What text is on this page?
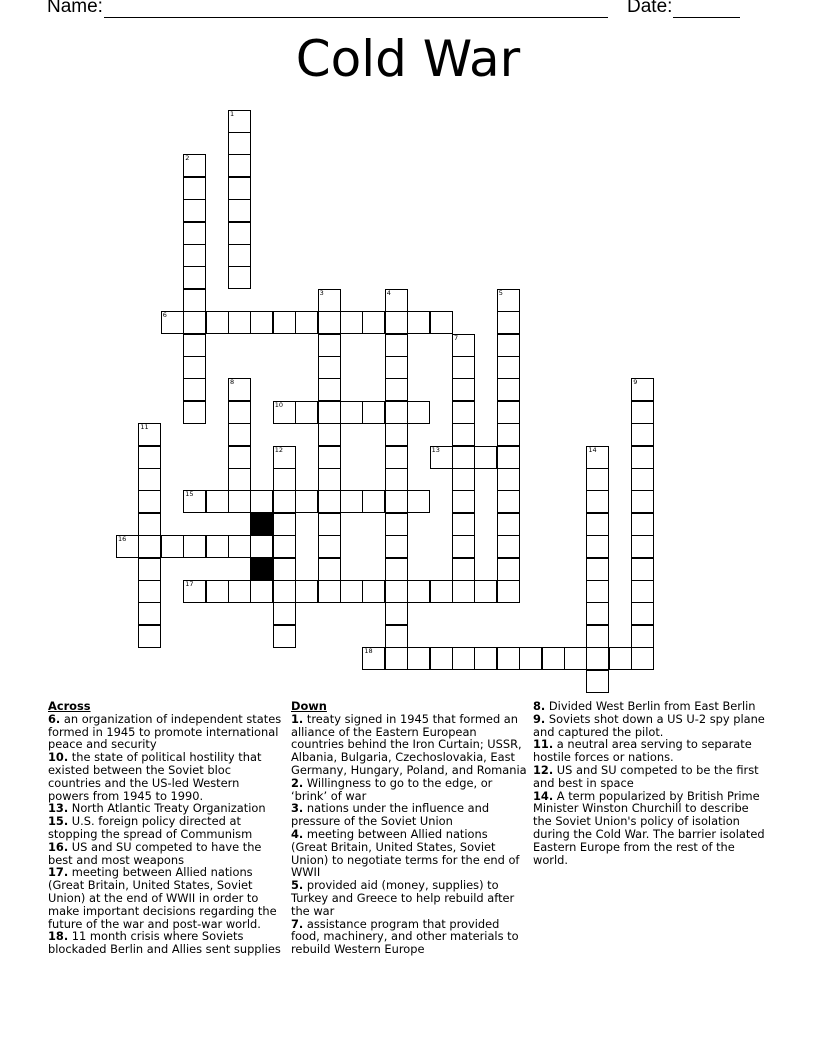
Name:	Date:
Cold War
1
2
3	4	5
6
7
8	9
10
11
12	13	14
15
16
17
18
Across
6. an organization of independent states formed in 1945 to promote international peace and security
10. the state of political hostility that existed between the Soviet bloc countries and the US-led Western powers from 1945 to 1990.
13. North Atlantic Treaty Organization
15. U.S. foreign policy directed at stopping the spread of Communism
16. US and SU competed to have the best and most weapons
17. meeting between Allied nations (Great Britain, United States, Soviet Union) at the end of WWII in order to make important decisions regarding the future of the war and post-war world.
18. 11 month crisis where Soviets blockaded Berlin and Allies sent supplies
Down
1. treaty signed in 1945 that formed an alliance of the Eastern European countries behind the Iron Curtain; USSR, Albania, Bulgaria, Czechoslovakia, East Germany, Hungary, Poland, and Romania
2. Willingness to go to the edge, or ‘brink’ of war
3. nations under the influence and pressure of the Soviet Union
4. meeting between Allied nations (Great Britain, United States, Soviet Union) to negotiate terms for the end of WWII
5. provided aid (money, supplies) to Turkey and Greece to help rebuild after the war
7. assistance program that provided food, machinery, and other materials to rebuild Western Europe
8. Divided West Berlin from East Berlin
9. Soviets shot down a US U-2 spy plane and captured the pilot.
11. a neutral area serving to separate hostile forces or nations.
12. US and SU competed to be the first and best in space
14. A term popularized by British Prime Minister Winston Churchill to describe the Soviet Union's policy of isolation during the Cold War. The barrier isolated Eastern Europe from the rest of the world.
